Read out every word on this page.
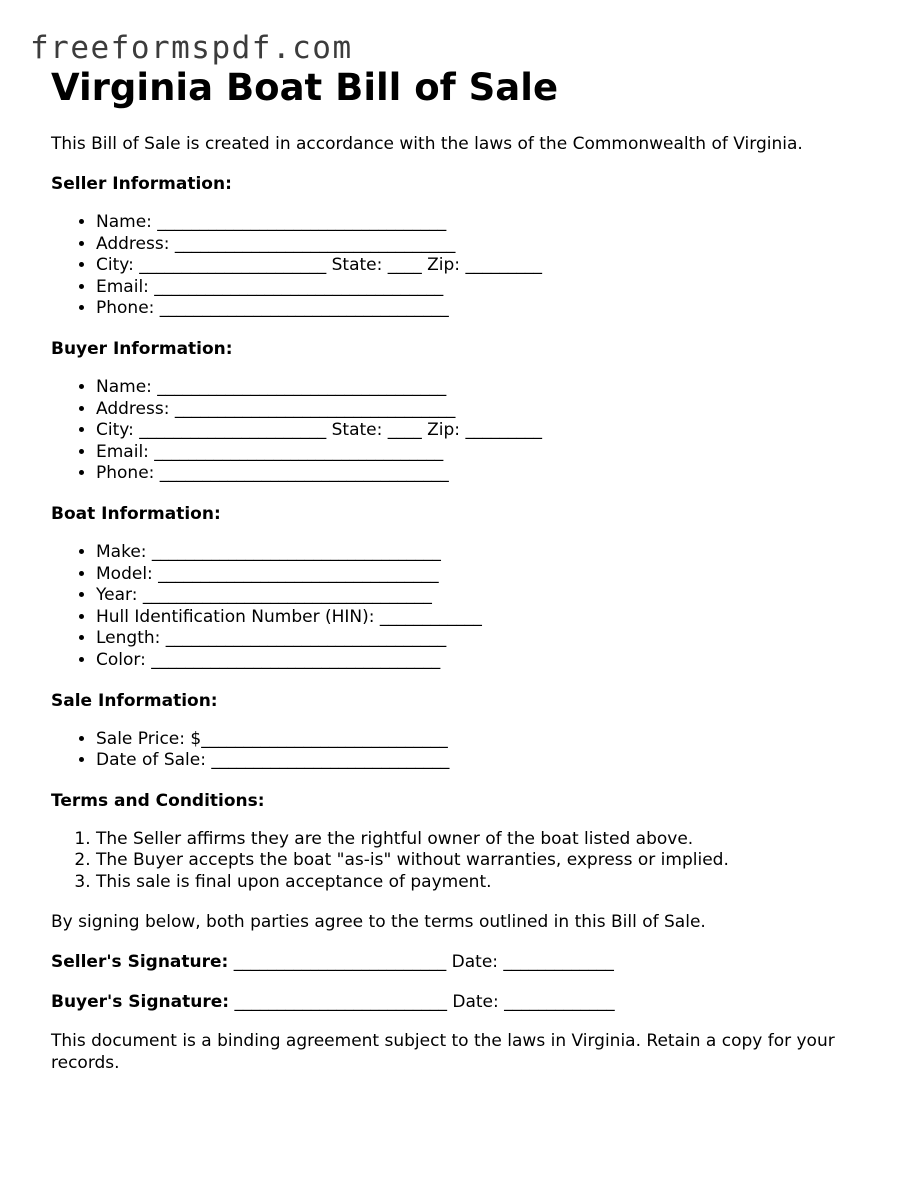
freeformspdf.com
Virginia Boat Bill of Sale

This Bill of Sale is created in accordance with the laws of the Commonwealth of Virginia.

Seller Information:

• Name: __________________________________
• Address: _________________________________
• City: ______________________ State: ____ Zip: _________
• Email: __________________________________
• Phone: __________________________________

Buyer Information:

• Name: __________________________________
• Address: _________________________________
• City: ______________________ State: ____ Zip: _________
• Email: __________________________________
• Phone: __________________________________

Boat Information:

• Make: __________________________________
• Model: _________________________________
• Year: __________________________________
• Hull Identification Number (HIN): ____________
• Length: _________________________________
• Color: __________________________________

Sale Information:

• Sale Price: $_____________________________
• Date of Sale: ____________________________

Terms and Conditions:

1. The Seller affirms they are the rightful owner of the boat listed above.
2. The Buyer accepts the boat "as-is" without warranties, express or implied.
3. This sale is final upon acceptance of payment.

By signing below, both parties agree to the terms outlined in this Bill of Sale.

Seller's Signature: _________________________ Date: _____________

Buyer's Signature: _________________________ Date: _____________

This document is a binding agreement subject to the laws in Virginia. Retain a copy for your records.
